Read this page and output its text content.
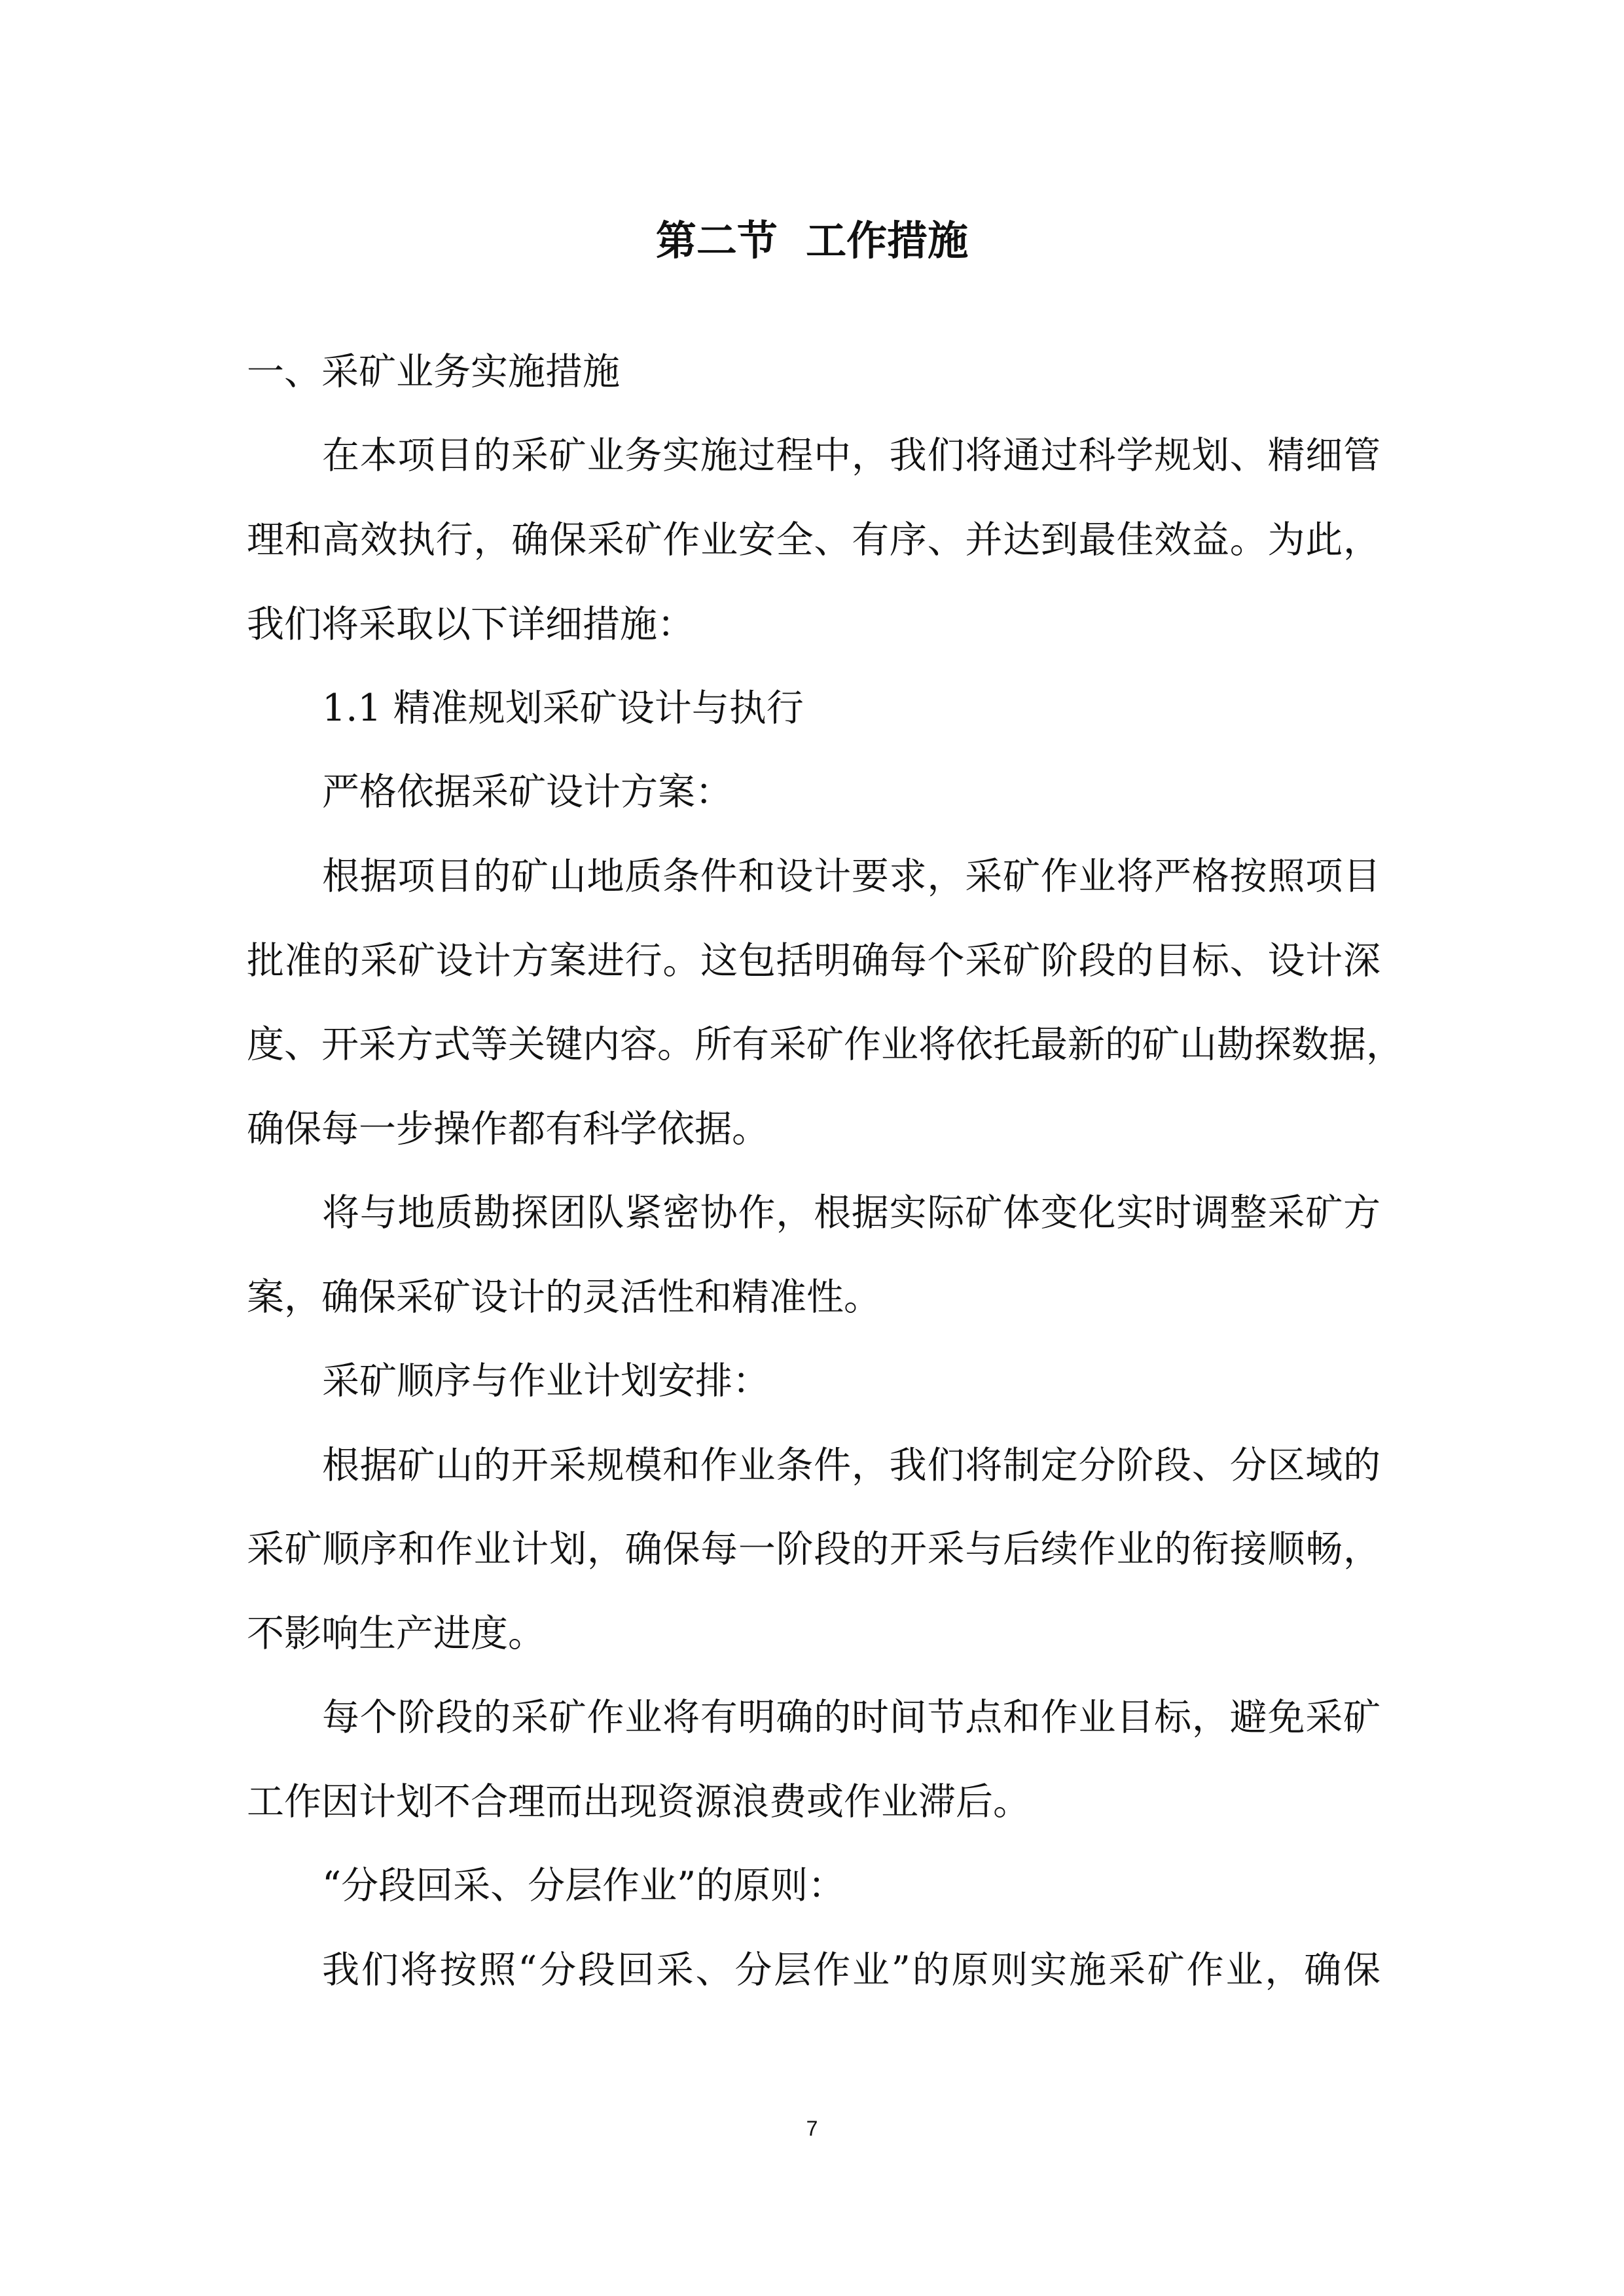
第二节  工作措施
一、采矿业务实施措施
在本项目的采矿业务实施过程中，我们将通过科学规划、精细管
理和高效执行，确保采矿作业安全、有序、并达到最佳效益。为此，
我们将采取以下详细措施：
1.1 精准规划采矿设计与执行
严格依据采矿设计方案：
根据项目的矿山地质条件和设计要求，采矿作业将严格按照项目
批准的采矿设计方案进行。这包括明确每个采矿阶段的目标、设计深
度、开采方式等关键内容。所有采矿作业将依托最新的矿山勘探数据，
确保每一步操作都有科学依据。
将与地质勘探团队紧密协作，根据实际矿体变化实时调整采矿方
案，确保采矿设计的灵活性和精准性。
采矿顺序与作业计划安排：
根据矿山的开采规模和作业条件，我们将制定分阶段、分区域的
采矿顺序和作业计划，确保每一阶段的开采与后续作业的衔接顺畅，
不影响生产进度。
每个阶段的采矿作业将有明确的时间节点和作业目标，避免采矿
工作因计划不合理而出现资源浪费或作业滞后。
“分段回采、分层作业”的原则：
我们将按照“分段回采、分层作业”的原则实施采矿作业，确保
7
